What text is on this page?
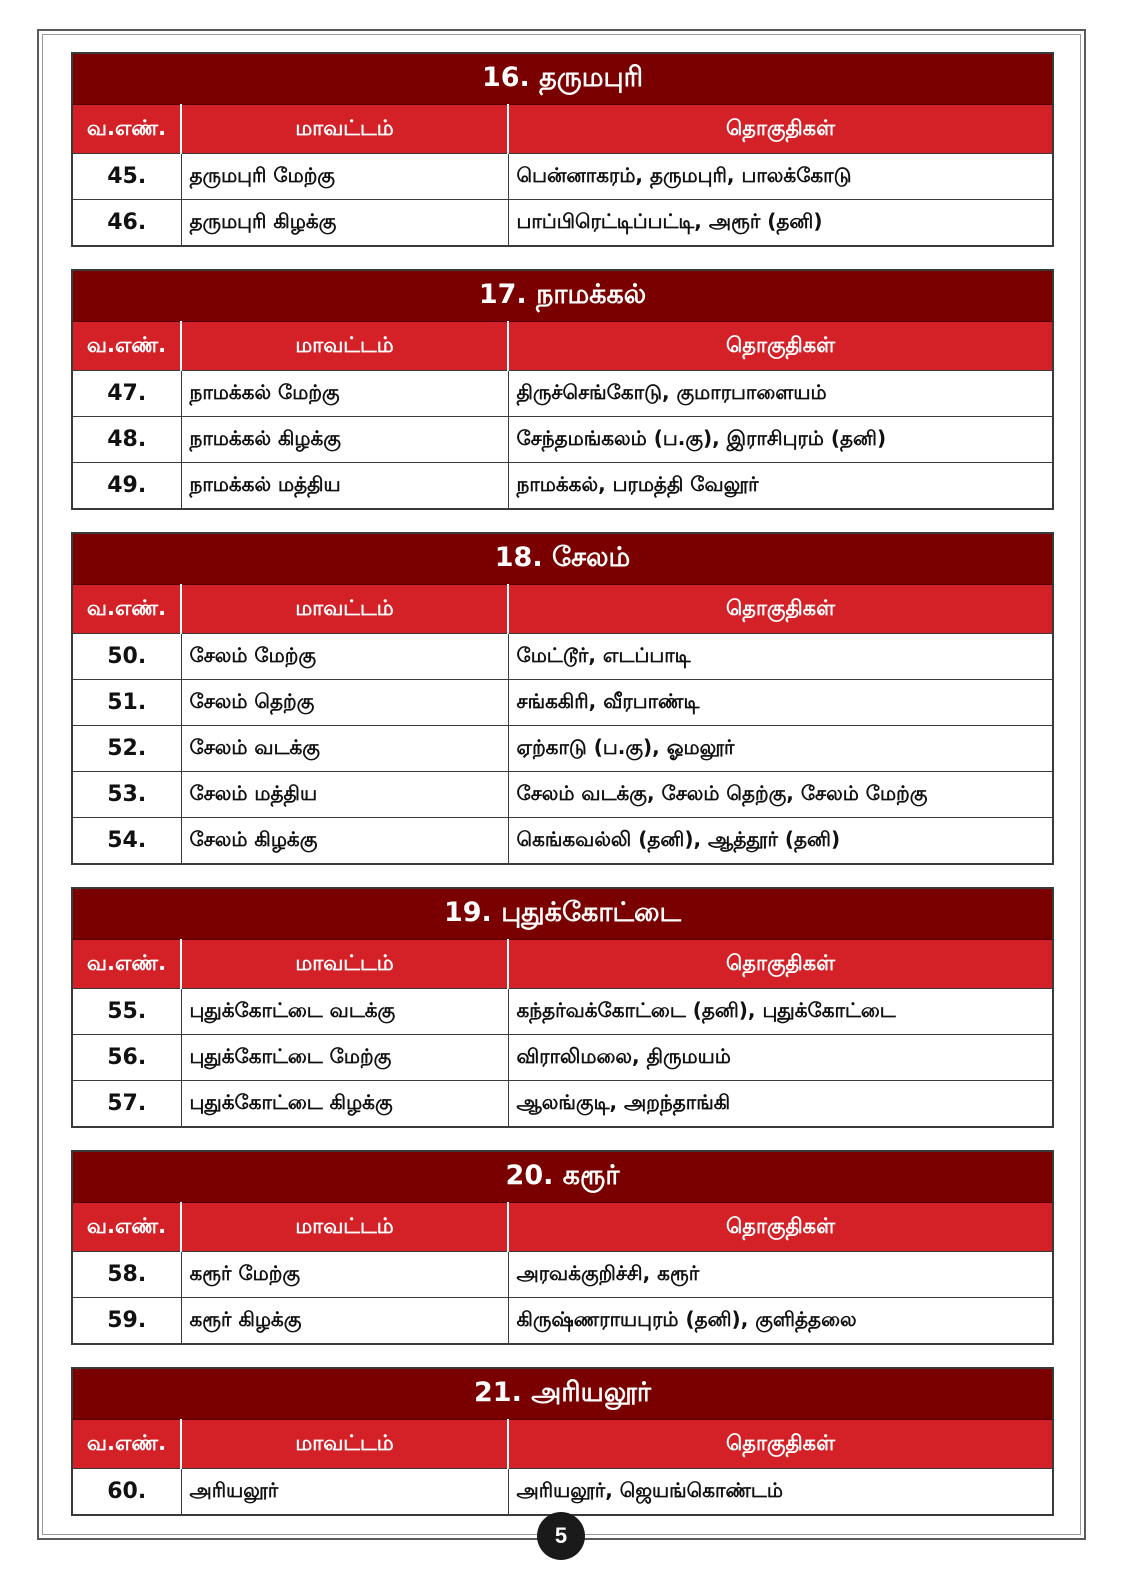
16. தருமபுரி		
வ.எண்.	மாவட்டம்	தொகுதிகள்
45.	தருமபுரி மேற்கு	பென்னாகரம், தருமபுரி, பாலக்கோடு
46.	தருமபுரி கிழக்கு	பாப்பிரெட்டிப்பட்டி, அரூர் (தனி)
17. நாமக்கல்		
வ.எண்.	மாவட்டம்	தொகுதிகள்
47.	நாமக்கல் மேற்கு	திருச்செங்கோடு, குமாரபாளையம்
48.	நாமக்கல் கிழக்கு	சேந்தமங்கலம் (ப.கு), இராசிபுரம் (தனி)
49.	நாமக்கல் மத்திய	நாமக்கல், பரமத்தி வேலூர்
18. சேலம்		
வ.எண்.	மாவட்டம்	தொகுதிகள்
50.	சேலம் மேற்கு	மேட்டூர், எடப்பாடி
51.	சேலம் தெற்கு	சங்ககிரி, வீரபாண்டி
52.	சேலம் வடக்கு	ஏற்காடு (ப.கு), ஓமலூர்
53.	சேலம் மத்திய	சேலம் வடக்கு, சேலம் தெற்கு, சேலம் மேற்கு
54.	சேலம் கிழக்கு	கெங்கவல்லி (தனி), ஆத்தூர் (தனி)
19. புதுக்கோட்டை		
வ.எண்.	மாவட்டம்	தொகுதிகள்
55.	புதுக்கோட்டை வடக்கு	கந்தர்வக்கோட்டை (தனி), புதுக்கோட்டை
56.	புதுக்கோட்டை மேற்கு	விராலிமலை, திருமயம்
57.	புதுக்கோட்டை கிழக்கு	ஆலங்குடி, அறந்தாங்கி
20. கரூர்		
வ.எண்.	மாவட்டம்	தொகுதிகள்
58.	கரூர் மேற்கு	அரவக்குறிச்சி, கரூர்
59.	கரூர் கிழக்கு	கிருஷ்ணராயபுரம் (தனி), குளித்தலை
21. அரியலூர்		
வ.எண்.	மாவட்டம்	தொகுதிகள்
60.	அரியலூர்	அரியலூர், ஜெயங்கொண்டம்
5
